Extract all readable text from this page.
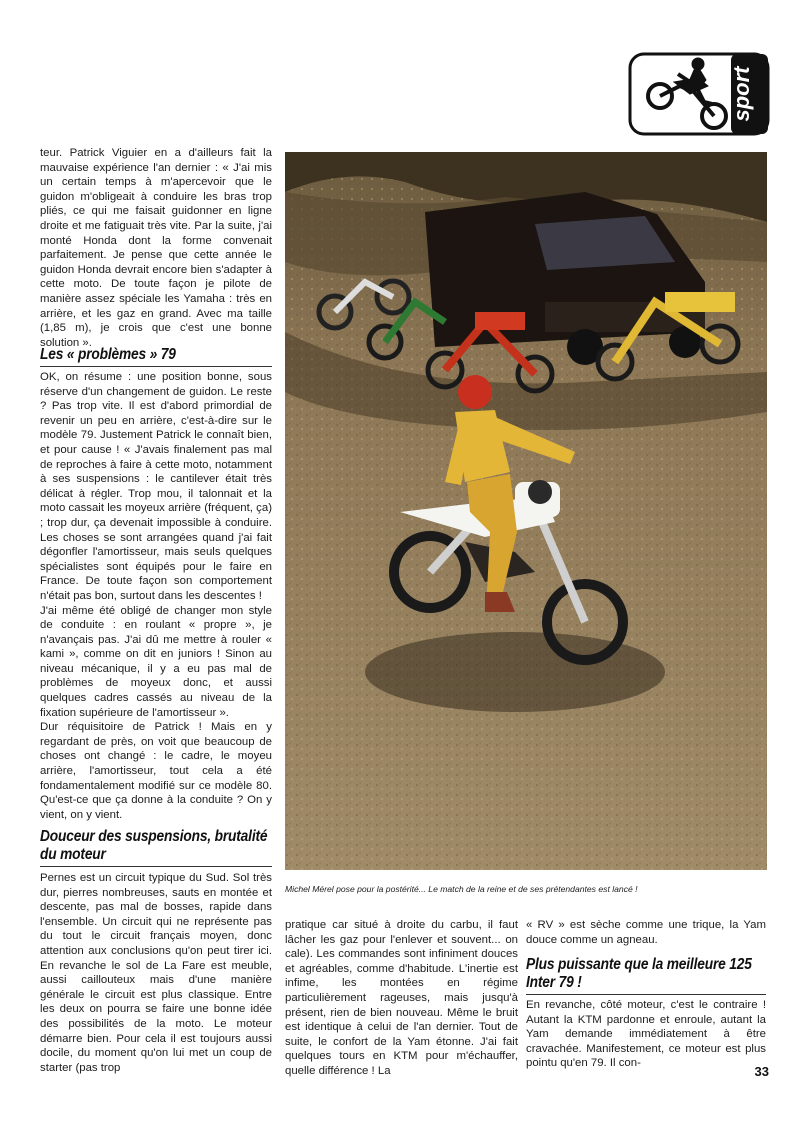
sport

teur. Patrick Viguier en a d'ailleurs fait la mauvaise expérience l'an dernier : « J'ai mis un certain temps à m'apercevoir que le guidon m'obligeait à conduire les bras trop pliés, ce qui me faisait guidonner en ligne droite et me fatiguait très vite. Par la suite, j'ai monté Honda dont la forme convenait parfaitement. Je pense que cette année le guidon Honda devrait encore bien s'adapter à cette moto. De toute façon je pilote de manière assez spéciale les Yamaha : très en arrière, et les gaz en grand. Avec ma taille (1,85 m), je crois que c'est une bonne solution ».

Les « problèmes » 79

OK, on résume : une position bonne, sous réserve d'un changement de guidon. Le reste ? Pas trop vite. Il est d'abord primordial de revenir un peu en arrière, c'est-à-dire sur le modèle 79. Justement Patrick le connaît bien, et pour cause ! « J'avais finalement pas mal de reproches à faire à cette moto, notamment à ses suspensions : le cantilever était très délicat à régler. Trop mou, il talonnait et la moto cassait les moyeux arrière (fréquent, ça) ; trop dur, ça devenait impossible à conduire. Les choses se sont arrangées quand j'ai fait dégonfler l'amortisseur, mais seuls quelques spécialistes sont équipés pour le faire en France. De toute façon son comportement n'était pas bon, surtout dans les descentes !

J'ai même été obligé de changer mon style de conduite : en roulant « propre », je n'avançais pas. J'ai dû me mettre à rouler « kami », comme on dit en juniors ! Sinon au niveau mécanique, il y a eu pas mal de problèmes de moyeux donc, et aussi quelques cadres cassés au niveau de la fixation supérieure de l'amortisseur ».

Dur réquisitoire de Patrick ! Mais en y regardant de près, on voit que beaucoup de choses ont changé : le cadre, le moyeu arrière, l'amortisseur, tout cela a été fondamentalement modifié sur ce modèle 80. Qu'est-ce que ça donne à la conduite ? On y vient, on y vient.

Douceur des suspensions, brutalité du moteur

Pernes est un circuit typique du Sud. Sol très dur, pierres nombreuses, sauts en montée et descente, pas mal de bosses, rapide dans l'ensemble. Un circuit qui ne représente pas du tout le circuit français moyen, donc attention aux conclusions qu'on peut tirer ici. En revanche le sol de La Fare est meuble, aussi caillouteux mais d'une manière générale le circuit est plus classique. Entre les deux on pourra se faire une bonne idée des possibilités de la moto. Le moteur démarre bien. Pour cela il est toujours aussi docile, du moment qu'on lui met un coup de starter (pas trop

Michel Mérel pose pour la postérité... Le match de la reine et de ses prétendantes est lancé !

pratique car situé à droite du carbu, il faut lâcher les gaz pour l'enlever et souvent... on cale). Les commandes sont infiniment douces et agréables, comme d'habitude. L'inertie est infime, les montées en régime particulièrement rageuses, mais jusqu'à présent, rien de bien nouveau. Même le bruit est identique à celui de l'an dernier. Tout de suite, le confort de la Yam étonne. J'ai fait quelques tours en KTM pour m'échauffer, quelle différence ! La

« RV » est sèche comme une trique, la Yam douce comme un agneau.

Plus puissante que la meilleure 125 Inter 79 !

En revanche, côté moteur, c'est le contraire ! Autant la KTM pardonne et enroule, autant la Yam demande immédiatement à être cravachée. Manifestement, ce moteur est plus pointu qu'en 79. Il con-

33
